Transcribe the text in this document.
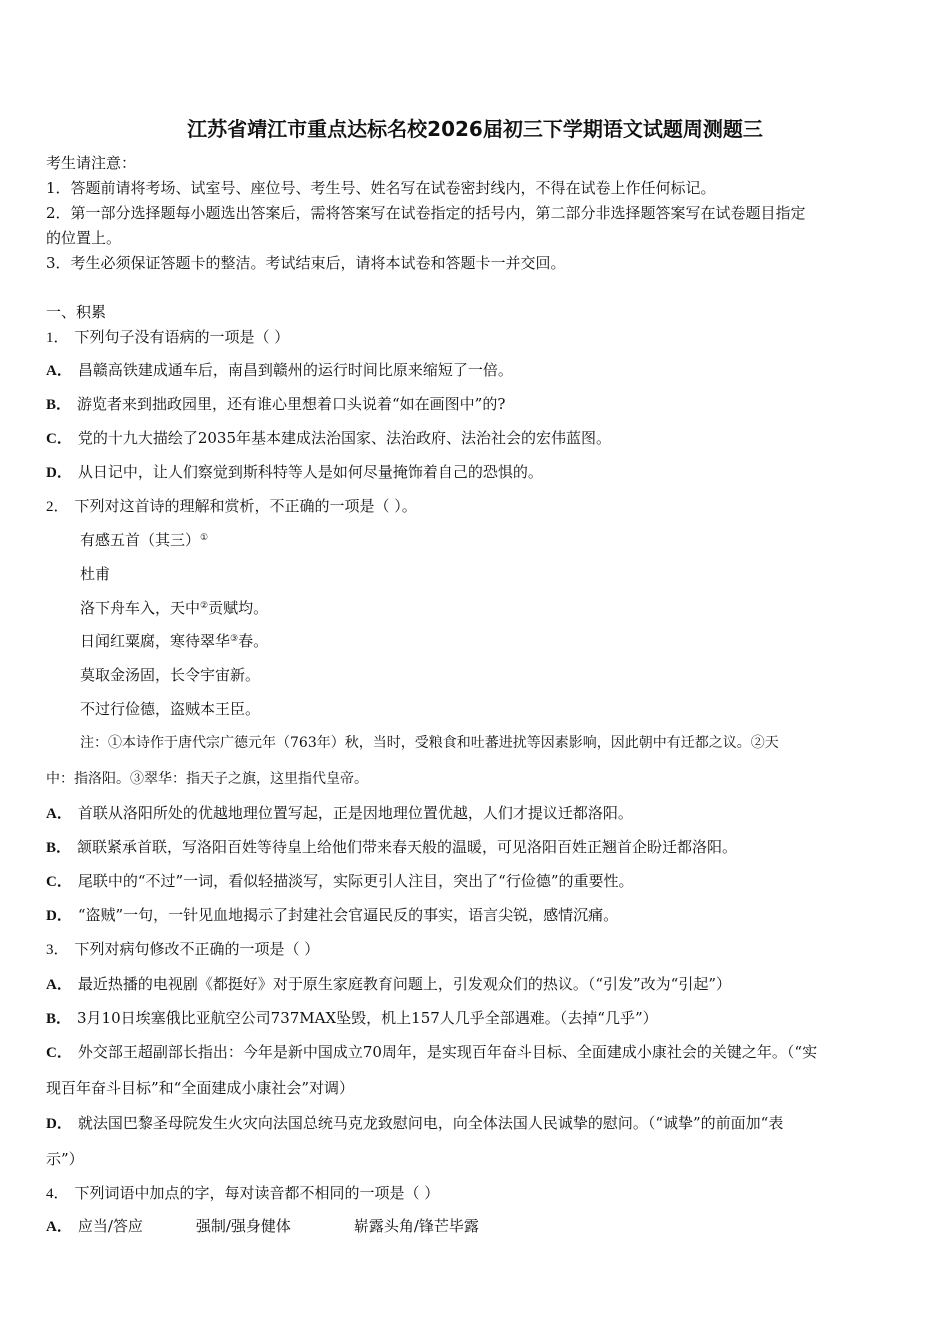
江苏省靖江市重点达标名校2026届初三下学期语文试题周测题三
考生请注意：
1．答题前请将考场、试室号、座位号、考生号、姓名写在试卷密封线内，不得在试卷上作任何标记。
2．第一部分选择题每小题选出答案后，需将答案写在试卷指定的括号内，第二部分非选择题答案写在试卷题目指定
的位置上。
3．考生必须保证答题卡的整洁。考试结束后，请将本试卷和答题卡一并交回。
一、积累
1． 下列句子没有语病的一项是（ ）
A． 昌赣高铁建成通车后，南昌到赣州的运行时间比原来缩短了一倍。
B． 游览者来到拙政园里，还有谁心里想着口头说着“如在画图中”的?
C． 党的十九大描绘了2035年基本建成法治国家、法治政府、法治社会的宏伟蓝图。
D． 从日记中，让人们察觉到斯科特等人是如何尽量掩饰着自己的恐惧的。
2． 下列对这首诗的理解和赏析，不正确的一项是（ ）。
有感五首（其三）①
杜甫
洛下舟车入，天中②贡赋均。
日闻红粟腐，寒待翠华③春。
莫取金汤固，长令宇宙新。
不过行俭德，盗贼本王臣。
注：①本诗作于唐代宗广德元年（763年）秋，当时，受粮食和吐蕃进扰等因素影响，因此朝中有迁都之议。②天
中：指洛阳。③翠华：指天子之旗，这里指代皇帝。
A． 首联从洛阳所处的优越地理位置写起，正是因地理位置优越，人们才提议迁都洛阳。
B． 颔联紧承首联，写洛阳百姓等待皇上给他们带来春天般的温暖，可见洛阳百姓正翘首企盼迁都洛阳。
C． 尾联中的“不过”一词，看似轻描淡写，实际更引人注目，突出了“行俭德”的重要性。
D． “盗贼”一句，一针见血地揭示了封建社会官逼民反的事实，语言尖锐，感情沉痛。
3． 下列对病句修改不正确的一项是（ ）
A． 最近热播的电视剧《都挺好》对于原生家庭教育问题上，引发观众们的热议。（“引发”改为“引起”）
B． 3月10日埃塞俄比亚航空公司737MAX坠毁，机上157人几乎全部遇难。（去掉“几乎”）
C． 外交部王超副部长指出：今年是新中国成立70周年，是实现百年奋斗目标、全面建成小康社会的关键之年。（“实
现百年奋斗目标”和“全面建成小康社会”对调）
D． 就法国巴黎圣母院发生火灾向法国总统马克龙致慰问电，向全体法国人民诚挚的慰问。（“诚挚”的前面加“表
示”）
4． 下列词语中加点的字，每对读音都不相同的一项是（ ）
A． 应当/答应	强制/强身健体	崭露头角/锋芒毕露
